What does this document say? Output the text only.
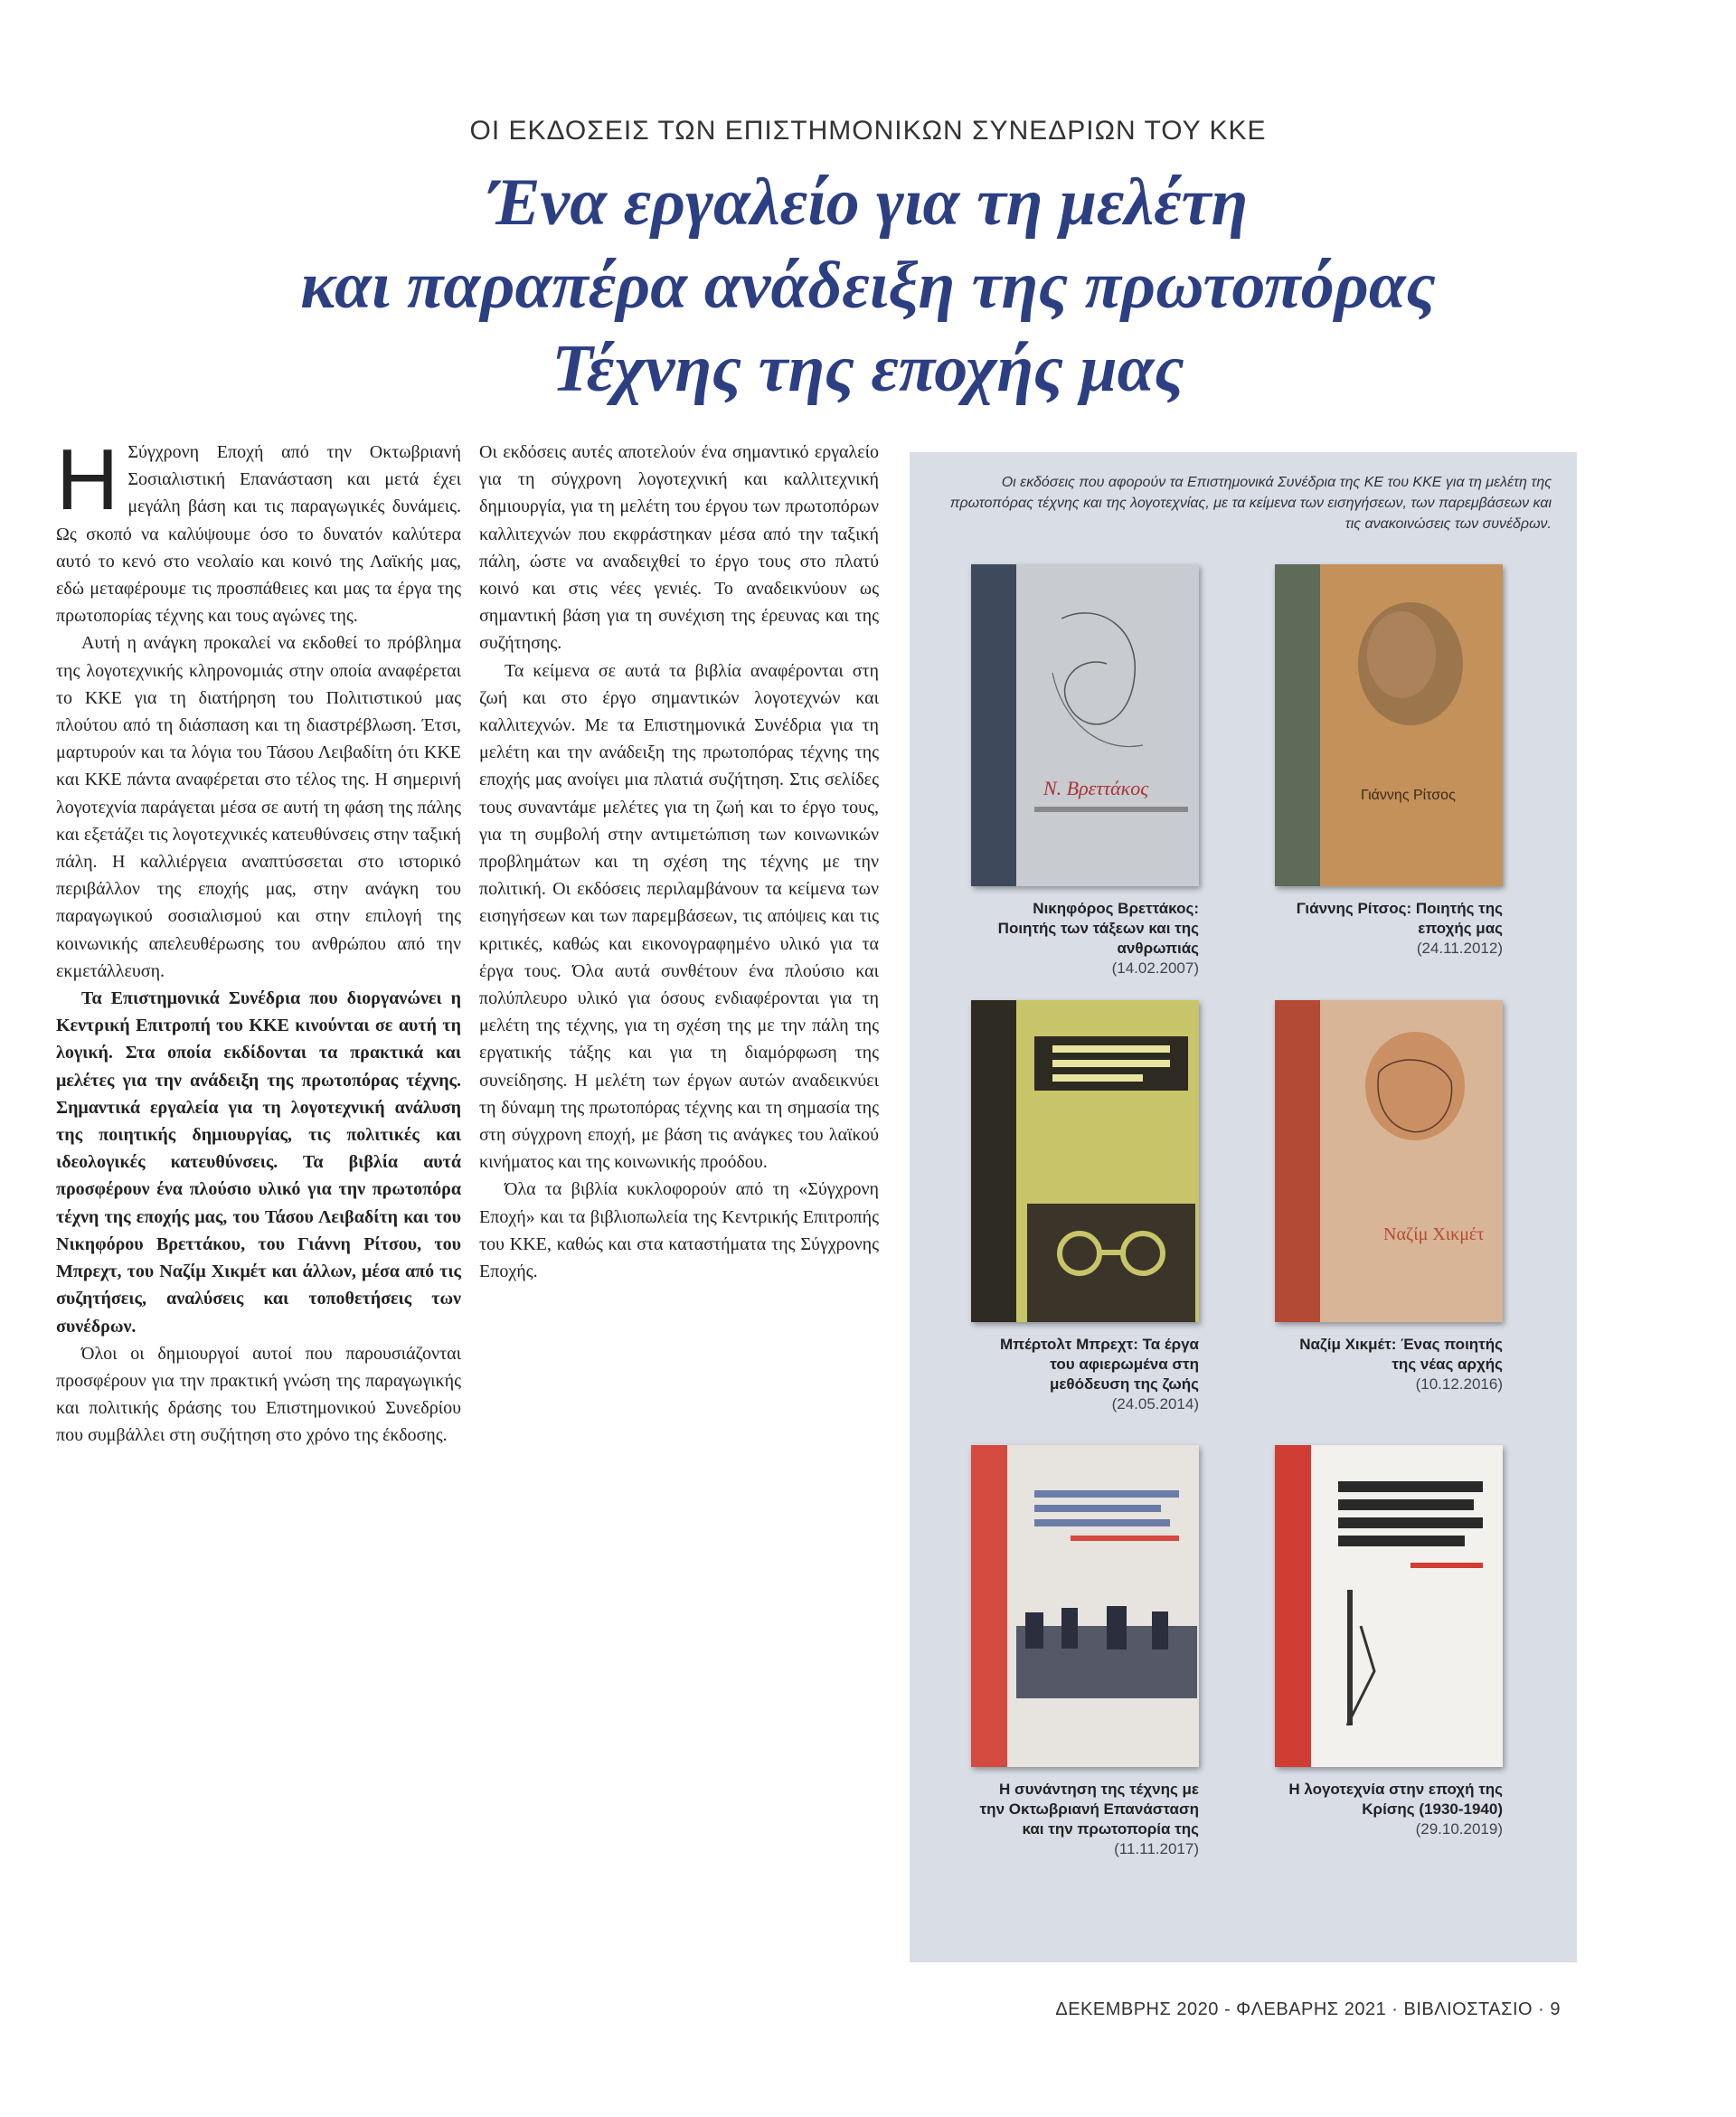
ΟΙ ΕΚΔΟΣΕΙΣ ΤΩΝ ΕΠΙΣΤΗΜΟΝΙΚΩΝ ΣΥΝΕΔΡΙΩΝ ΤΟΥ ΚΚΕ
Ένα εργαλείο για τη μελέτη
και παραπέρα ανάδειξη της πρωτοπόρας
Τέχνης της εποχής μας

Η Σύγχρονη Εποχή από την Οκτωβριανή Σοσιαλιστική Επανάσταση και μετά έχει μεγάλη βάση και τις παραγωγικές δυνάμεις. Ως σκοπό να καλύψουμε όσο το δυνατόν καλύτερα αυτό το κενό στο νεολαίο και κοινό της Λαϊκής μας, εδώ μεταφέρουμε τις προσπάθειες και μας τα έργα της πρωτοπορίας τέχνης και τους αγώνες της.

Αυτή η ανάγκη προκαλεί να εκδοθεί το πρόβλημα της λογοτεχνικής κληρονομιάς στην οποία αναφέρεται το ΚΚΕ για τη διατήρηση του Πολιτιστικού μας πλούτου από τη διάσπαση και τη διαστρέβλωση. Έτσι, μαρτυρούν και τα λόγια του Τάσου Λειβαδίτη ότι ΚΚΕ και ΚΚΕ πάντα αναφέρεται στο τέλος της. Η σημερινή λογοτεχνία παράγεται μέσα σε αυτή τη φάση της πάλης και εξετάζει τις λογοτεχνικές κατευθύνσεις στην ταξική πάλη. Η καλλιέργεια αναπτύσσεται στο ιστορικό περιβάλλον της εποχής μας, στην ανάγκη του παραγωγικού σοσιαλισμού και στην επιλογή της κοινωνικής απελευθέρωσης του ανθρώπου από την εκμετάλλευση.

Τα Επιστημονικά Συνέδρια που διοργανώνει η Κεντρική Επιτροπή του ΚΚΕ κινούνται σε αυτή τη λογική. Στα οποία εκδίδονται τα πρακτικά και μελέτες για την ανάδειξη της πρωτοπόρας τέχνης. Σημαντικά εργαλεία για τη λογοτεχνική ανάλυση της ποιητικής δημιουργίας, τις πολιτικές και ιδεολογικές κατευθύνσεις. Τα βιβλία αυτά προσφέρουν ένα πλούσιο υλικό για την πρωτοπόρα τέχνη της εποχής μας, του Τάσου Λειβαδίτη και του Νικηφόρου Βρεττάκου, του Γιάννη Ρίτσου, του Μπρεχτ, του Ναζίμ Χικμέτ και άλλων, μέσα από τις συζητήσεις, αναλύσεις και τοποθετήσεις των συνέδρων.

Όλοι οι δημιουργοί αυτοί που παρουσιάζονται προσφέρουν για την πρακτική γνώση της παραγωγικής και πολιτικής δράσης του Επιστημονικού Συνεδρίου που συμβάλλει στη συζήτηση στο χρόνο της έκδοσης.

Οι εκδόσεις αυτές αποτελούν ένα σημαντικό εργαλείο για τη σύγχρονη λογοτεχνική και καλλιτεχνική δημιουργία, για τη μελέτη του έργου των πρωτοπόρων καλλιτεχνών που εκφράστηκαν μέσα από την ταξική πάλη, ώστε να αναδειχθεί το έργο τους στο πλατύ κοινό και στις νέες γενιές. Το αναδεικνύουν ως σημαντική βάση για τη συνέχιση της έρευνας και της συζήτησης.

Τα κείμενα σε αυτά τα βιβλία αναφέρονται στη ζωή και στο έργο σημαντικών λογοτεχνών και καλλιτεχνών. Με τα Επιστημονικά Συνέδρια για τη μελέτη και την ανάδειξη της πρωτοπόρας τέχνης της εποχής μας ανοίγει μια πλατιά συζήτηση. Στις σελίδες τους συναντάμε μελέτες για τη ζωή και το έργο τους, για τη συμβολή στην αντιμετώπιση των κοινωνικών προβλημάτων και τη σχέση της τέχνης με την πολιτική. Οι εκδόσεις περιλαμβάνουν τα κείμενα των εισηγήσεων και των παρεμβάσεων, τις απόψεις και τις κριτικές, καθώς και εικονογραφημένο υλικό για τα έργα τους. Όλα αυτά συνθέτουν ένα πλούσιο και πολύπλευρο υλικό για όσους ενδιαφέρονται για τη μελέτη της τέχνης, για τη σχέση της με την πάλη της εργατικής τάξης και για τη διαμόρφωση της συνείδησης. Η μελέτη των έργων αυτών αναδεικνύει τη δύναμη της πρωτοπόρας τέχνης και τη σημασία της στη σύγχρονη εποχή, με βάση τις ανάγκες του λαϊκού κινήματος και της κοινωνικής προόδου.

Όλα τα βιβλία κυκλοφορούν από τη «Σύγχρονη Εποχή» και τα βιβλιοπωλεία της Κεντρικής Επιτροπής του ΚΚΕ, καθώς και στα καταστήματα της Σύγχρονης Εποχής.

Οι εκδόσεις που αφορούν τα Επιστημονικά Συνέδρια της ΚΕ του ΚΚΕ για τη μελέτη της πρωτοπόρας τέχνης και της λογοτεχνίας, με τα κείμενα των εισηγήσεων, των παρεμβάσεων και τις ανακοινώσεις των συνέδρων.
Ν. Βρεττάκος
Νικηφόρος Βρεττάκος: Ποιητής των τάξεων και της ανθρωπιάς
(14.02.2007)
Γιάννης Ρίτσος
Γιάννης Ρίτσος: Ποιητής της εποχής μας
(24.11.2012)
Μπέρτολτ Μπρεχτ: Τα έργα του αφιερωμένα στη μεθόδευση της ζωής
(24.05.2014)
Ναζίμ Χικμέτ
Ναζίμ Χικμέτ: Ένας ποιητής της νέας αρχής
(10.12.2016)
Η συνάντηση της τέχνης με την Οκτωβριανή Επανάσταση και την πρωτοπορία της
(11.11.2017)
Η λογοτεχνία στην εποχή της Κρίσης (1930-1940)
(29.10.2019)
ΔΕΚΕΜΒΡΗΣ 2020 - ΦΛΕΒΑΡΗΣ 2021 · ΒΙΒΛΙΟΣΤΑΣΙΟ · 9
